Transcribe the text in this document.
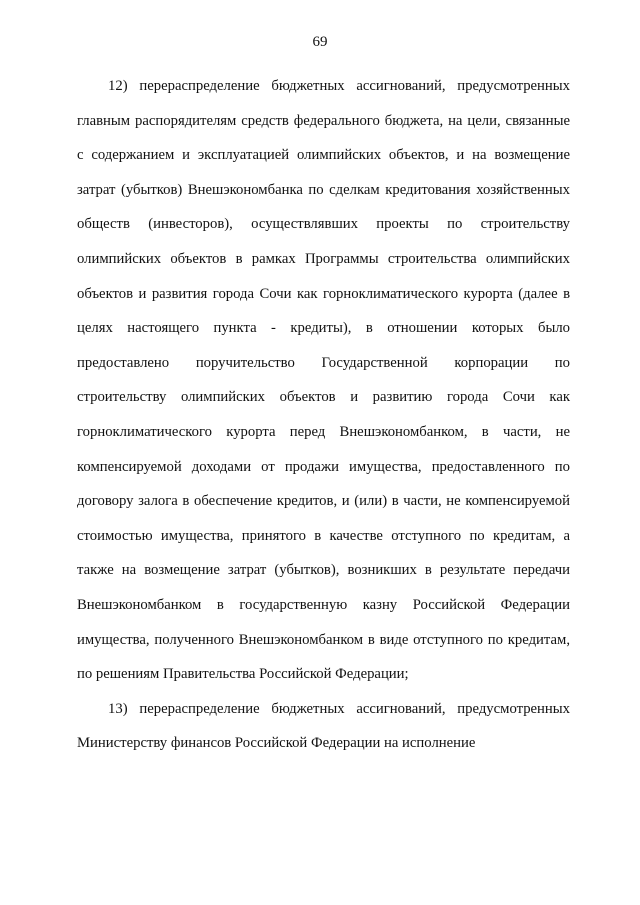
69

12) перераспределение бюджетных ассигнований, предусмотренных главным распорядителям средств федерального бюджета, на цели, связанные с содержанием и эксплуатацией олимпийских объектов, и на возмещение затрат (убытков) Внешэкономбанка по сделкам кредитования хозяйственных обществ (инвесторов), осуществлявших проекты по строительству олимпийских объектов в рамках Программы строительства олимпийских объектов и развития города Сочи как горноклиматического курорта (далее в целях настоящего пункта - кредиты), в отношении которых было предоставлено поручительство Государственной корпорации по строительству олимпийских объектов и развитию города Сочи как горноклиматического курорта перед Внешэкономбанком, в части, не компенсируемой доходами от продажи имущества, предоставленного по договору залога в обеспечение кредитов, и (или) в части, не компенсируемой стоимостью имущества, принятого в качестве отступного по кредитам, а также на возмещение затрат (убытков), возникших в результате передачи Внешэкономбанком в государственную казну Российской Федерации имущества, полученного Внешэкономбанком в виде отступного по кредитам, по решениям Правительства Российской Федерации;

13) перераспределение бюджетных ассигнований, предусмотренных Министерству финансов Российской Федерации на исполнение
